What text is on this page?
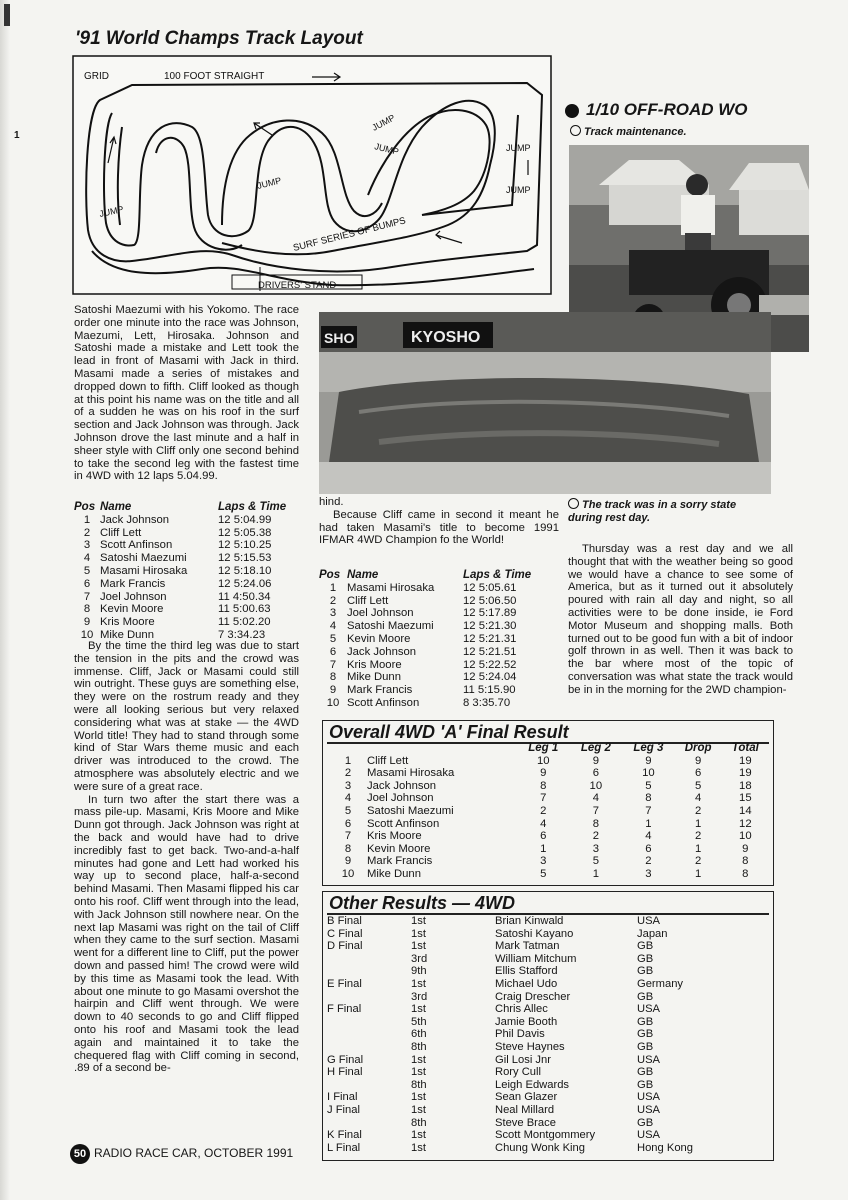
1
'91 World Champs Track Layout
GRID	100 FOOT STRAIGHT
JUMP
JUMP
JUMP
JUMP	JUMP
JUMP
SURF SERIES OF BUMPS
DRIVERS' STAND
1/10 OFF-ROAD WO
Track maintenance.
SHO	KYOSHO

Satoshi Maezumi with his Yokomo. The race order one minute into the race was Johnson, Maezumi, Lett, Hirosaka. Johnson and Satoshi made a mistake and Lett took the lead in front of Masami with Jack in third. Masami made a series of mistakes and dropped down to fifth. Cliff looked as though at this point his name was on the title and all of a sudden he was on his roof in the surf section and Jack Johnson was through. Jack Johnson drove the last minute and a half in sheer style with Cliff only one second behind to take the second leg with the fastest time in 4WD with 12 laps 5.04.99.

Pos	Name	Laps & Time
1	Jack Johnson	12 5:04.99
2	Cliff Lett	12 5:05.38
3	Scott Anfinson	12 5:10.25
4	Satoshi Maezumi	12 5:15.53
5	Masami Hirosaka	12 5:18.10
6	Mark Francis	12 5:24.06
7	Joel Johnson	11 4:50.34
8	Kevin Moore	11 5:00.63
9	Kris Moore	11 5:02.20
10	Mike Dunn	7 3:34.23

By the time the third leg was due to start the tension in the pits and the crowd was immense. Cliff, Jack or Masami could still win outright. These guys are something else, they were on the rostrum ready and they were all looking serious but very relaxed considering what was at stake — the 4WD World title! They had to stand through some kind of Star Wars theme music and each driver was introduced to the crowd. The atmosphere was absolutely electric and we were sure of a great race.

In turn two after the start there was a mass pile-up. Masami, Kris Moore and Mike Dunn got through. Jack Johnson was right at the back and would have had to drive incredibly fast to get back. Two-and-a-half minutes had gone and Lett had worked his way up to second place, half-a-second behind Masami. Then Masami flipped his car onto his roof. Cliff went through into the lead, with Jack Johnson still nowhere near. On the next lap Masami was right on the tail of Cliff when they came to the surf section. Masami went for a different line to Cliff, put the power down and passed him! The crowd were wild by this time as Masami took the lead. With about one minute to go Masami overshot the hairpin and Cliff went through. We were down to 40 seconds to go and Cliff flipped onto his roof and Masami took the lead again and maintained it to take the chequered flag with Cliff coming in second, .89 of a second be-

hind.

Because Cliff came in second it meant he had taken Masami's title to become 1991 IFMAR 4WD Champion fo the World!

Pos	Name	Laps & Time
1	Masami Hirosaka	12 5:05.61
2	Cliff Lett	12 5:06.50
3	Joel Johnson	12 5:17.89
4	Satoshi Maezumi	12 5:21.30
5	Kevin Moore	12 5:21.31
6	Jack Johnson	12 5:21.51
7	Kris Moore	12 5:22.52
8	Mike Dunn	12 5:24.04
9	Mark Francis	11 5:15.90
10	Scott Anfinson	8 3:35.70
The track was in a sorry state during rest day.

Thursday was a rest day and we all thought that with the weather being so good we would have a chance to see some of America, but as it turned out it absolutely poured with rain all day and night, so all activities were to be done inside, ie Ford Motor Museum and shopping malls. Both turned out to be good fun with a bit of indoor golf thrown in as well. Then it was back to the bar where most of the topic of conversation was what state the track would be in in the morning for the 2WD champion-

Overall 4WD 'A' Final Result
		Leg 1	Leg 2	Leg 3	Drop	Total
1	Cliff Lett	10	9	9	9	19
2	Masami Hirosaka	9	6	10	6	19
3	Jack Johnson	8	10	5	5	18
4	Joel Johnson	7	4	8	4	15
5	Satoshi Maezumi	2	7	7	2	14
6	Scott Anfinson	4	8	1	1	12
7	Kris Moore	6	2	4	2	10
8	Kevin Moore	1	3	6	1	9
9	Mark Francis	3	5	2	2	8
10	Mike Dunn	5	1	3	1	8
Other Results — 4WD
B Final	1st	Brian Kinwald	USA
C Final	1st	Satoshi Kayano	Japan
D Final	1st	Mark Tatman	GB
	3rd	William Mitchum	GB
	9th	Ellis Stafford	GB
E Final	1st	Michael Udo	Germany
	3rd	Craig Drescher	GB
F Final	1st	Chris Allec	USA
	5th	Jamie Booth	GB
	6th	Phil Davis	GB
	8th	Steve Haynes	GB
G Final	1st	Gil Losi Jnr	USA
H Final	1st	Rory Cull	GB
	8th	Leigh Edwards	GB
I Final	1st	Sean Glazer	USA
J Final	1st	Neal Millard	USA
	8th	Steve Brace	GB
K Final	1st	Scott Montgommery	USA
L Final	1st	Chung Wonk King	Hong Kong
50 RADIO RACE CAR, OCTOBER 1991
